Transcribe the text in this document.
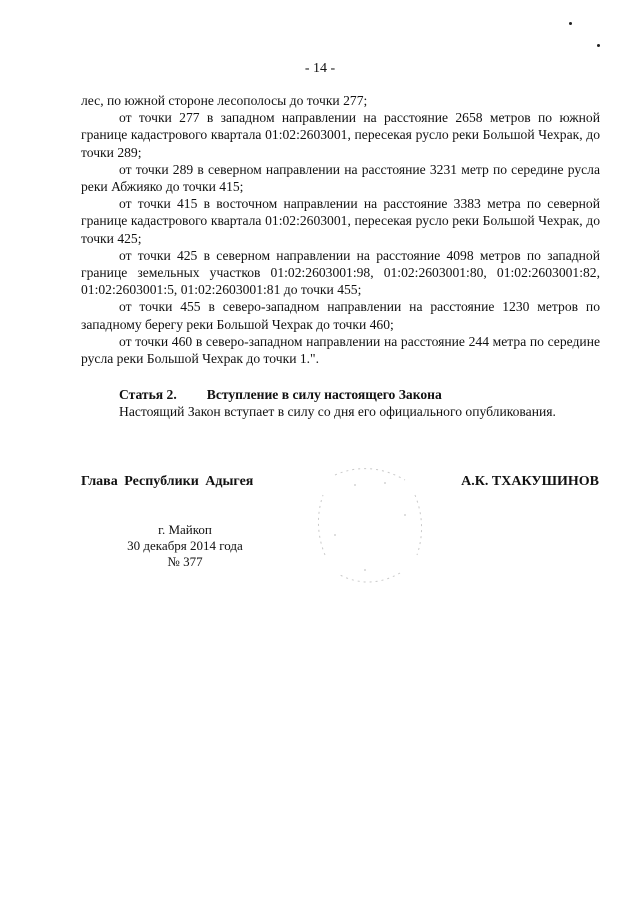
- 14 -

лес, по южной стороне лесополосы до точки 277;

от точки 277 в западном направлении на расстояние 2658 метров по южной границе кадастрового квартала 01:02:2603001, пересекая русло реки Большой Чехрак, до точки 289;

от точки 289 в северном направлении на расстояние 3231 метр по середине русла реки Абжияко до точки 415;

от точки 415 в восточном направлении на расстояние 3383 метра по северной границе кадастрового квартала 01:02:2603001, пересекая русло реки Большой Чехрак, до точки 425;

от точки 425 в северном направлении на расстояние 4098 метров по западной границе земельных участков 01:02:2603001:98, 01:02:2603001:80, 01:02:2603001:82, 01:02:2603001:5, 01:02:2603001:81 до точки 455;

от точки 455 в северо-западном направлении на расстояние 1230 метров по западному берегу реки Большой Чехрак до точки 460;

от точки 460 в северо-западном направлении на расстояние 244 метра по середине русла реки Большой Чехрак до точки 1.".

Статья 2. Вступление в силу настоящего Закона

Настоящий Закон вступает в силу со дня его официального опубликования.

Глава Республики Адыгея	А.К. ТХАКУШИНОВ
г. Майкоп
30 декабря 2014 года
№ 377
